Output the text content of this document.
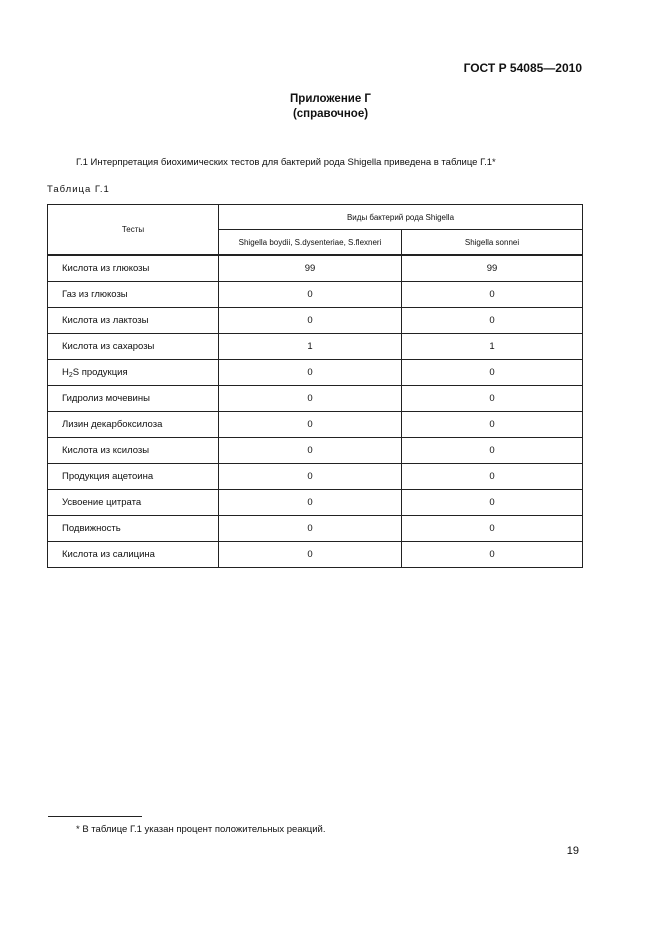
ГОСТ Р 54085—2010
Приложение Г
(справочное)
Г.1 Интерпретация биохимических тестов для бактерий рода Shigella приведена в таблице Г.1*
Таблица Г.1
Тесты	Виды бактерий рода Shigella	
	Shigella boydii, S.dysenteriae, S.flexneri	Shigella sonnei
Кислота из глюкозы	99	99
Газ из глюкозы	0	0
Кислота из лактозы	0	0
Кислота из сахарозы	1	1
$H_2S$ продукция	0	0
Гидролиз мочевины	0	0
Лизин декарбоксилоза	0	0
Кислота из ксилозы	0	0
Продукция ацетоина	0	0
Усвоение цитрата	0	0
Подвижность	0	0
Кислота из салицина	0	0
* В таблице Г.1 указан процент положительных реакций.
19
